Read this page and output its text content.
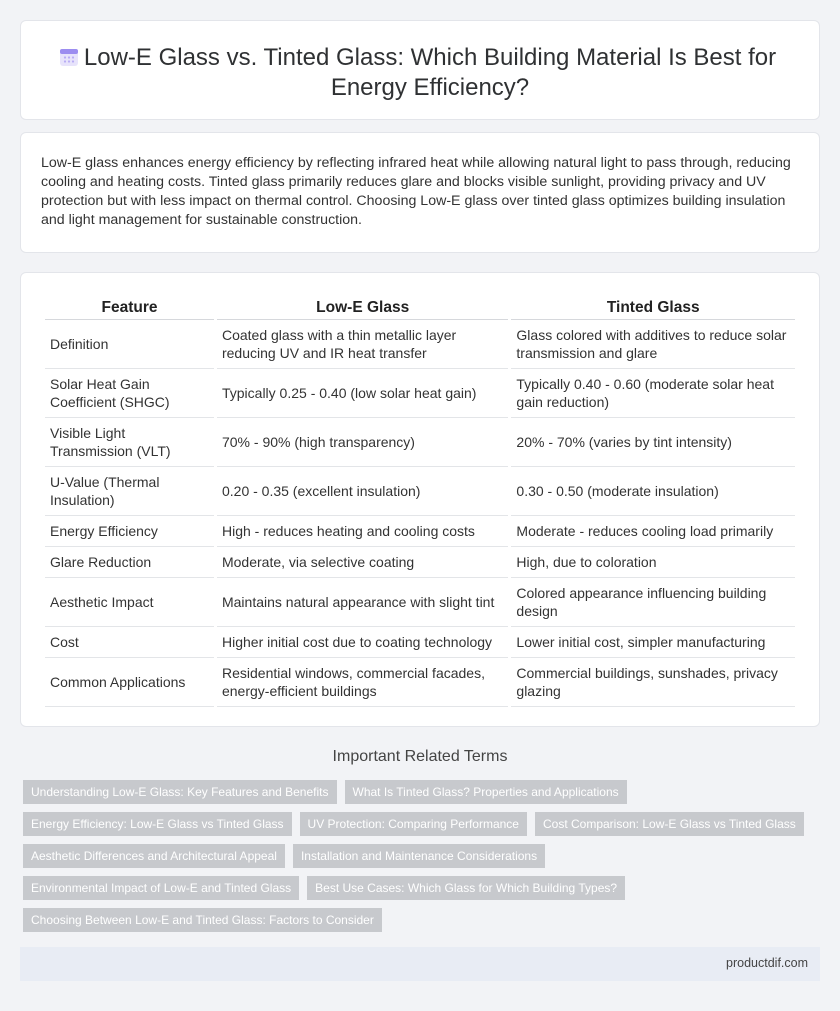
Low-E Glass vs. Tinted Glass: Which Building Material Is Best for Energy Efficiency?

Low-E glass enhances energy efficiency by reflecting infrared heat while allowing natural light to pass through, reducing cooling and heating costs. Tinted glass primarily reduces glare and blocks visible sunlight, providing privacy and UV protection but with less impact on thermal control. Choosing Low-E glass over tinted glass optimizes building insulation and light management for sustainable construction.

Feature	Low-E Glass	Tinted Glass
Definition	Coated glass with a thin metallic layer reducing UV and IR heat transfer	Glass colored with additives to reduce solar transmission and glare
Solar Heat Gain Coefficient (SHGC)	Typically 0.25 - 0.40 (low solar heat gain)	Typically 0.40 - 0.60 (moderate solar heat gain reduction)
Visible Light Transmission (VLT)	70% - 90% (high transparency)	20% - 70% (varies by tint intensity)
U-Value (Thermal Insulation)	0.20 - 0.35 (excellent insulation)	0.30 - 0.50 (moderate insulation)
Energy Efficiency	High - reduces heating and cooling costs	Moderate - reduces cooling load primarily
Glare Reduction	Moderate, via selective coating	High, due to coloration
Aesthetic Impact	Maintains natural appearance with slight tint	Colored appearance influencing building design
Cost	Higher initial cost due to coating technology	Lower initial cost, simpler manufacturing
Common Applications	Residential windows, commercial facades, energy-efficient buildings	Commercial buildings, sunshades, privacy glazing
Important Related Terms
Understanding Low-E Glass: Key Features and Benefits	What Is Tinted Glass? Properties and Applications
Energy Efficiency: Low-E Glass vs Tinted Glass	UV Protection: Comparing Performance	Cost Comparison: Low-E Glass vs Tinted Glass
Aesthetic Differences and Architectural Appeal	Installation and Maintenance Considerations
Environmental Impact of Low-E and Tinted Glass	Best Use Cases: Which Glass for Which Building Types?
Choosing Between Low-E and Tinted Glass: Factors to Consider
productdif.com
